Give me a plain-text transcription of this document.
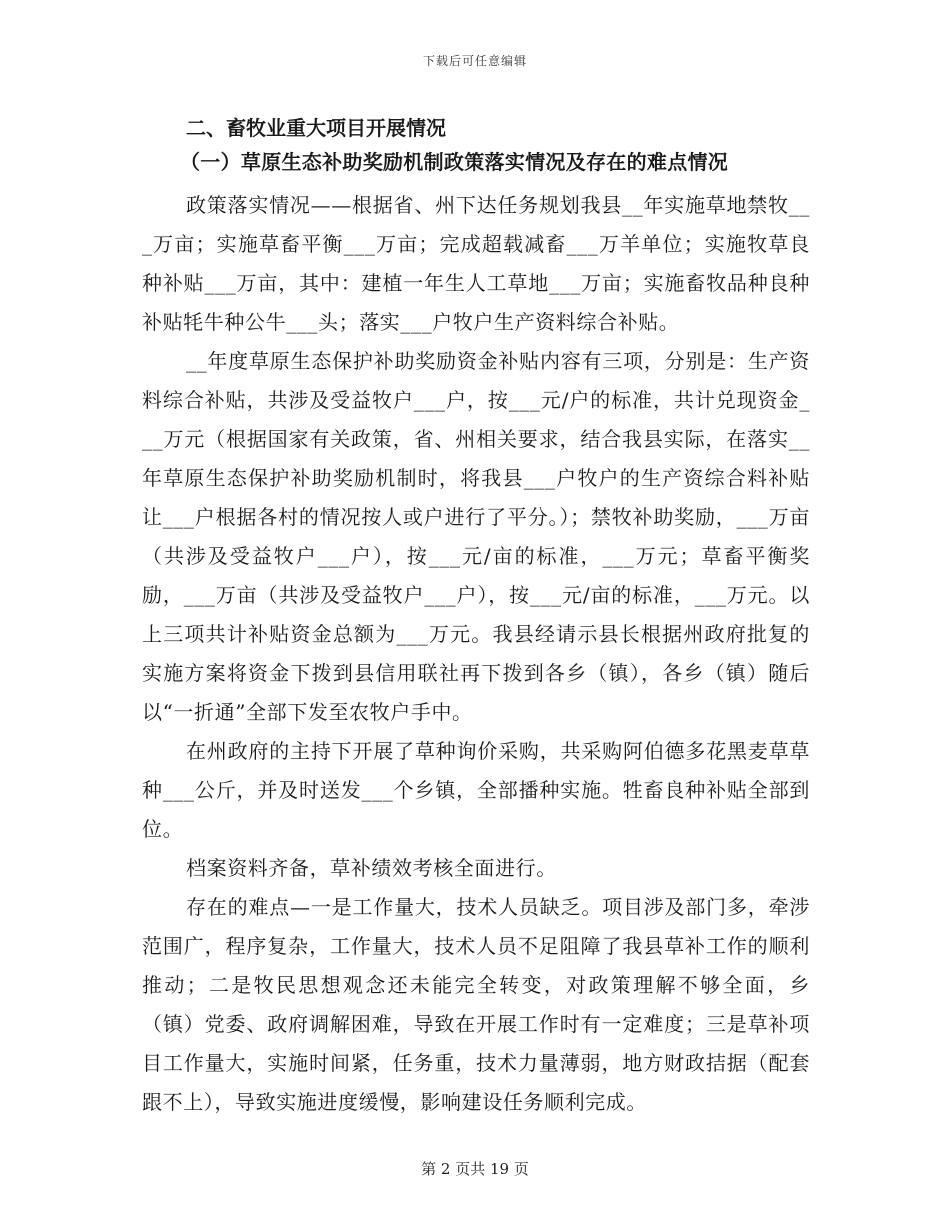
下载后可任意编辑

二、畜牧业重大项目开展情况

（一）草原生态补助奖励机制政策落实情况及存在的难点情况

政策落实情况——根据省、州下达任务规划我县__年实施草地禁牧___万亩；实施草畜平衡___万亩；完成超载减畜___万羊单位；实施牧草良种补贴___万亩，其中：建植一年生人工草地___万亩；实施畜牧品种良种补贴牦牛种公牛___头；落实___户牧户生产资料综合补贴。

__年度草原生态保护补助奖励资金补贴内容有三项，分别是：生产资料综合补贴，共涉及受益牧户___户，按___元/户的标准，共计兑现资金___万元（根据国家有关政策，省、州相关要求，结合我县实际，在落实__年草原生态保护补助奖励机制时，将我县___户牧户的生产资综合料补贴让___户根据各村的情况按人或户进行了平分。）；禁牧补助奖励，___万亩（共涉及受益牧户___户），按___元/亩的标准，___万元；草畜平衡奖励，___万亩（共涉及受益牧户___户），按___元/亩的标准，___万元。以上三项共计补贴资金总额为___万元。我县经请示县长根据州政府批复的实施方案将资金下拨到县信用联社再下拨到各乡（镇），各乡（镇）随后以“一折通”全部下发至农牧户手中。

在州政府的主持下开展了草种询价采购，共采购阿伯德多花黑麦草草种___公斤，并及时送发___个乡镇，全部播种实施。牲畜良种补贴全部到位。

档案资料齐备，草补绩效考核全面进行。

存在的难点—一是工作量大，技术人员缺乏。项目涉及部门多，牵涉范围广，程序复杂，工作量大，技术人员不足阻障了我县草补工作的顺利推动；二是牧民思想观念还未能完全转变，对政策理解不够全面，乡（镇）党委、政府调解困难，导致在开展工作时有一定难度；三是草补项目工作量大，实施时间紧，任务重，技术力量薄弱，地方财政拮据（配套跟不上），导致实施进度缓慢，影响建设任务顺利完成。

第 2 页共 19 页
